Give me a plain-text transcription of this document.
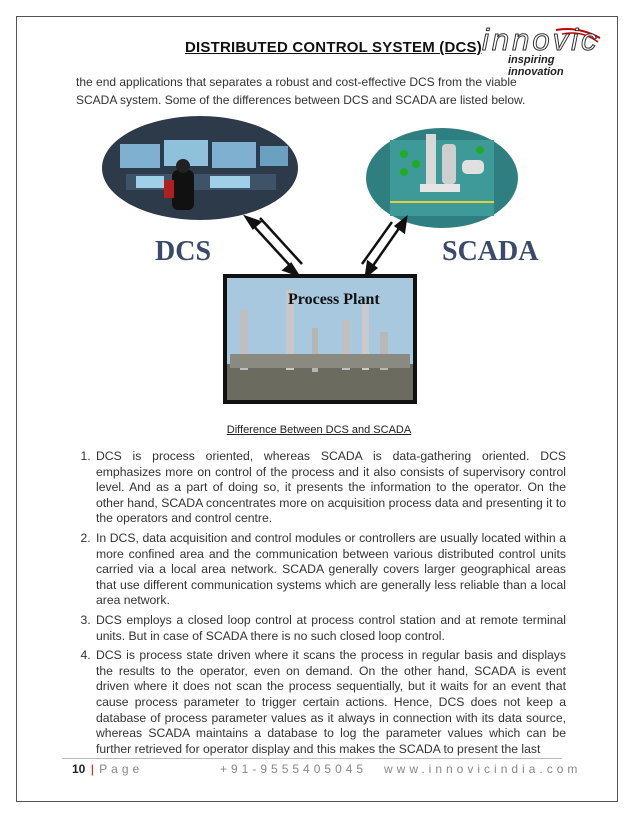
DISTRIBUTED CONTROL SYSTEM (DCS) innovic
inspiring innovation
the end applications that separates a robust and cost-effective DCS from the viable SCADA system. Some of the differences between DCS and SCADA are listed below.
DCS	SCADA
Process Plant
Difference Between DCS and SCADA
1. DCS is process oriented, whereas SCADA is data-gathering oriented. DCS emphasizes more on control of the process and it also consists of supervisory control level. And as a part of doing so, it presents the information to the operator. On the other hand, SCADA concentrates more on acquisition process data and presenting it to the operators and control centre.
2. In DCS, data acquisition and control modules or controllers are usually located within a more confined area and the communication between various distributed control units carried via a local area network. SCADA generally covers larger geographical areas that use different communication systems which are generally less reliable than a local area network.
3. DCS employs a closed loop control at process control station and at remote terminal units. But in case of SCADA there is no such closed loop control.
4. DCS is process state driven where it scans the process in regular basis and displays the results to the operator, even on demand. On the other hand, SCADA is event driven where it does not scan the process sequentially, but it waits for an event that cause process parameter to trigger certain actions. Hence, DCS does not keep a database of process parameter values as it always in connection with its data source, whereas SCADA maintains a database to log the parameter values which can be further retrieved for operator display and this makes the SCADA to present the last
10 | Page	+91-9555405045 www.innovicindia.com
